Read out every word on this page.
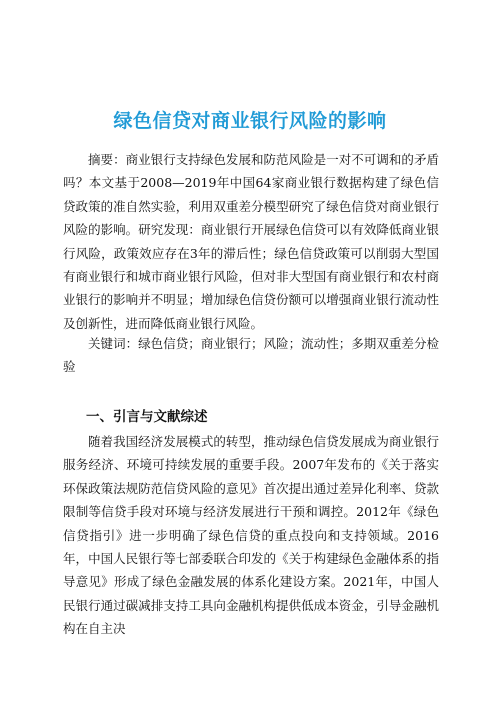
绿色信贷对商业银行风险的影响

摘要：商业银行支持绿色发展和防范风险是一对不可调和的矛盾吗？本文基于2008—2019年中国64家商业银行数据构建了绿色信贷政策的准自然实验，利用双重差分模型研究了绿色信贷对商业银行风险的影响。研究发现：商业银行开展绿色信贷可以有效降低商业银行风险，政策效应存在3年的滞后性；绿色信贷政策可以削弱大型国有商业银行和城市商业银行风险，但对非大型国有商业银行和农村商业银行的影响并不明显；增加绿色信贷份额可以增强商业银行流动性及创新性，进而降低商业银行风险。

关键词：绿色信贷；商业银行；风险；流动性；多期双重差分检验

一、引言与文献综述

随着我国经济发展模式的转型，推动绿色信贷发展成为商业银行服务经济、环境可持续发展的重要手段。2007年发布的《关于落实环保政策法规防范信贷风险的意见》首次提出通过差异化利率、贷款限制等信贷手段对环境与经济发展进行干预和调控。2012年《绿色信贷指引》进一步明确了绿色信贷的重点投向和支持领域。2016年，中国人民银行等七部委联合印发的《关于构建绿色金融体系的指导意见》形成了绿色金融发展的体系化建设方案。2021年，中国人民银行通过碳减排支持工具向金融机构提供低成本资金，引导金融机构在自主决
